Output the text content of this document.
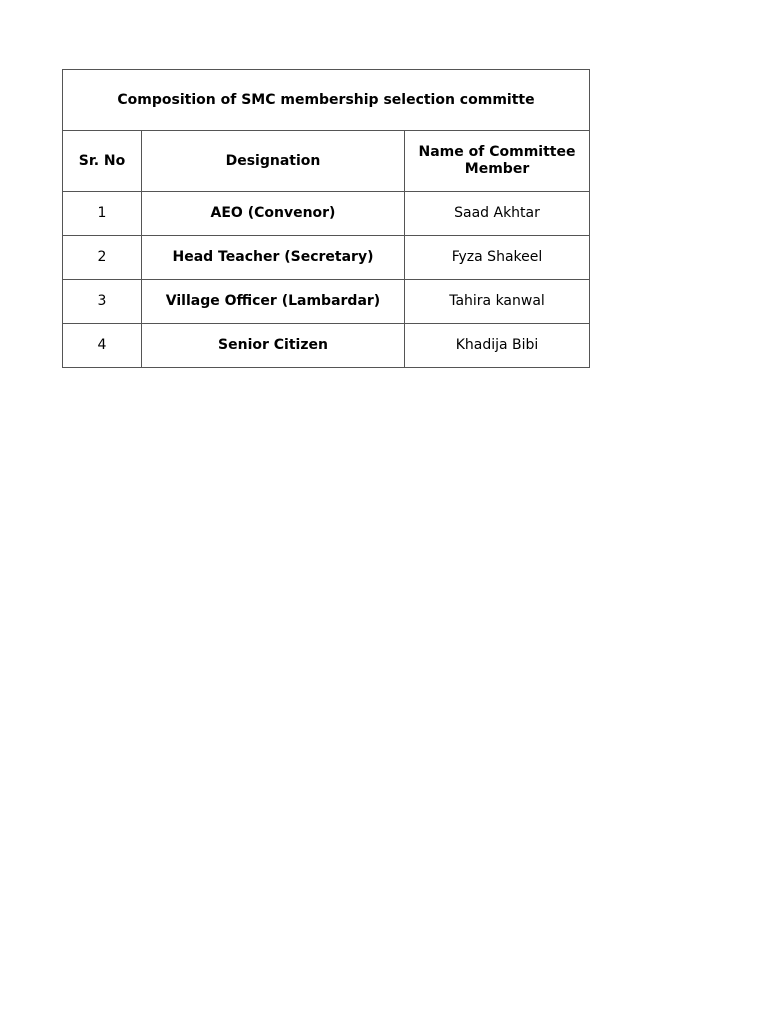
Composition of SMC membership selection committe		
Sr. No	Designation	Name of Committee Member
1	AEO (Convenor)	Saad Akhtar
2	Head Teacher (Secretary)	Fyza Shakeel
3	Village Officer (Lambardar)	Tahira kanwal
4	Senior Citizen	Khadija Bibi
